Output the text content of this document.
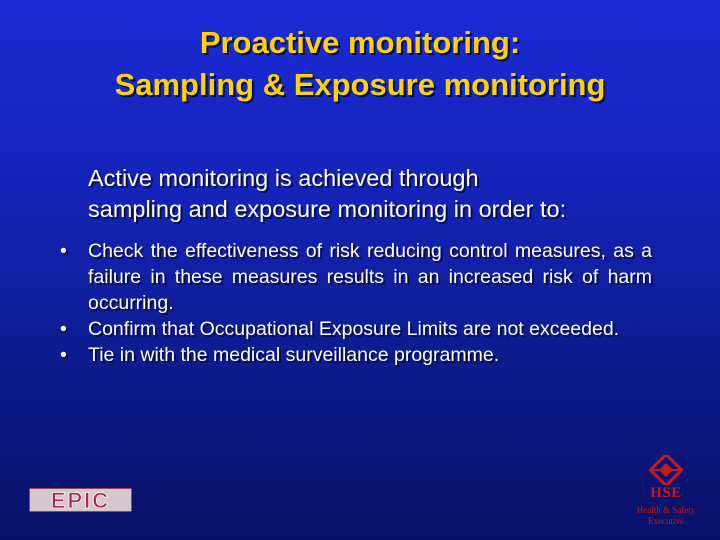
Proactive monitoring:
Sampling & Exposure monitoring
Active monitoring is achieved through
sampling and exposure monitoring in order to:
•	Check the effectiveness of risk reducing control measures, as a failure in these measures results in an increased risk of harm occurring.
•	Confirm that Occupational Exposure Limits are not exceeded.
•	Tie in with the medical surveillance programme.
EPIC	HSE
Health & Safety
Executive
